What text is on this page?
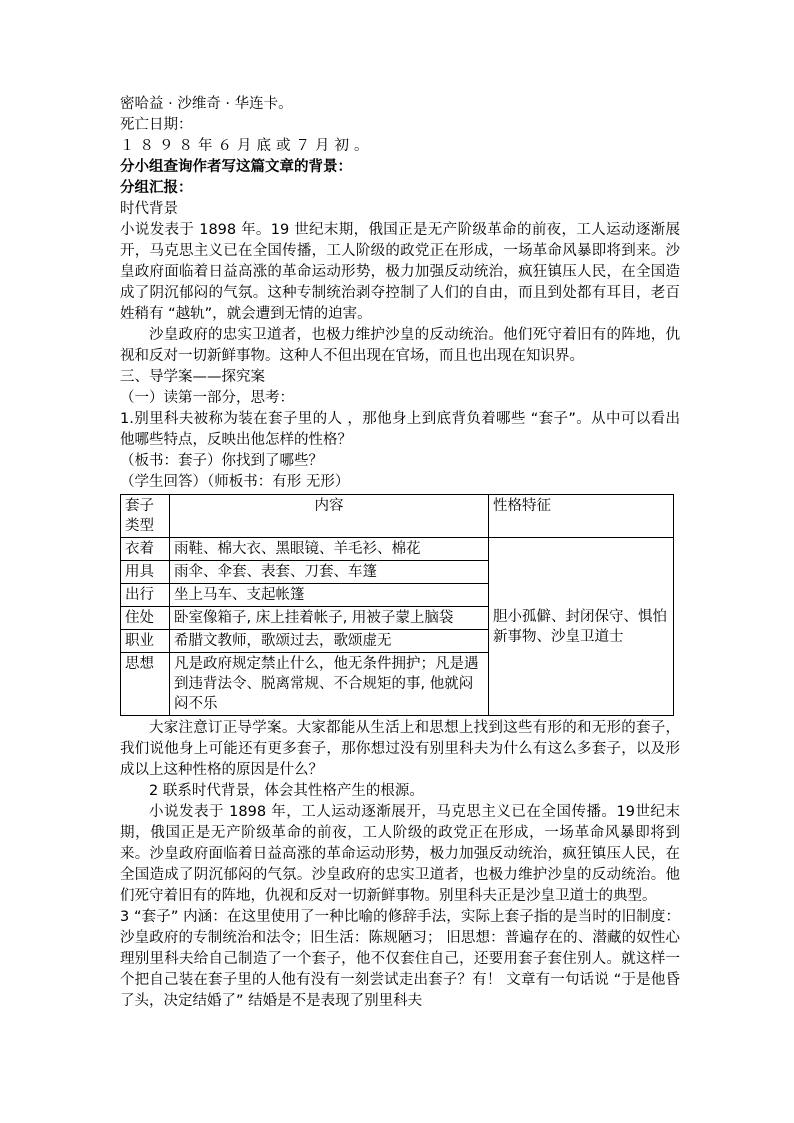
密哈益 · 沙维奇 · 华连卡。
死亡日期：
１８９８年６月底或７月初。
分小组查询作者写这篇文章的背景：
分组汇报：
时代背景
小说发表于 1898 年。19 世纪末期，俄国正是无产阶级革命的前夜，工人运动逐渐展开，马克思主义已在全国传播，工人阶级的政党正在形成，一场革命风暴即将到来。沙皇政府面临着日益高涨的革命运动形势，极力加强反动统治，疯狂镇压人民，在全国造成了阴沉郁闷的气氛。这种专制统治剥夺控制了人们的自由，而且到处都有耳目，老百姓稍有 “越轨”，就会遭到无情的迫害。
沙皇政府的忠实卫道者，也极力维护沙皇的反动统治。他们死守着旧有的阵地，仇视和反对一切新鲜事物。这种人不但出现在官场，而且也出现在知识界。
三、导学案——探究案
（一）读第一部分，思考：
1.别里科夫被称为装在套子里的人 ，那他身上到底背负着哪些 “套子”。从中可以看出他哪些特点，反映出他怎样的性格？
（板书：套子）你找到了哪些？
（学生回答）（师板书：有形 无形）
套子类型	内容	性格特征
衣着	雨鞋、棉大衣、黑眼镜、羊毛衫、棉花	胆小孤僻、封闭保守、惧怕新事物、沙皇卫道士
用具	雨伞、伞套、表套、刀套、车篷	
出行	坐上马车、支起帐篷	
住处	卧室像箱子, 床上挂着帐子, 用被子蒙上脑袋	
职业	希腊文教师，歌颂过去，歌颂虚无	
思想	凡是政府规定禁止什么，他无条件拥护；凡是遇到违背法令、脱离常规、不合规矩的事, 他就闷闷不乐	
大家注意订正导学案。大家都能从生活上和思想上找到这些有形的和无形的套子，我们说他身上可能还有更多套子，那你想过没有别里科夫为什么有这么多套子，以及形成以上这种性格的原因是什么？
2 联系时代背景，体会其性格产生的根源。
小说发表于 1898 年，工人运动逐渐展开，马克思主义已在全国传播。19世纪末期，俄国正是无产阶级革命的前夜，工人阶级的政党正在形成，一场革命风暴即将到来。沙皇政府面临着日益高涨的革命运动形势，极力加强反动统治，疯狂镇压人民，在全国造成了阴沉郁闷的气氛。沙皇政府的忠实卫道者，也极力维护沙皇的反动统治。他们死守着旧有的阵地，仇视和反对一切新鲜事物。别里科夫正是沙皇卫道士的典型。
3 “套子” 内涵：在这里使用了一种比喻的修辞手法，实际上套子指的是当时的旧制度：沙皇政府的专制统治和法令；旧生活：陈规陋习； 旧思想：普遍存在的、潜藏的奴性心理别里科夫给自己制造了一个套子，他不仅套住自己，还要用套子套住别人。就这样一个把自己装在套子里的人他有没有一刻尝试走出套子？有！ 文章有一句话说 “于是他昏了头，决定结婚了” 结婚是不是表现了别里科夫
